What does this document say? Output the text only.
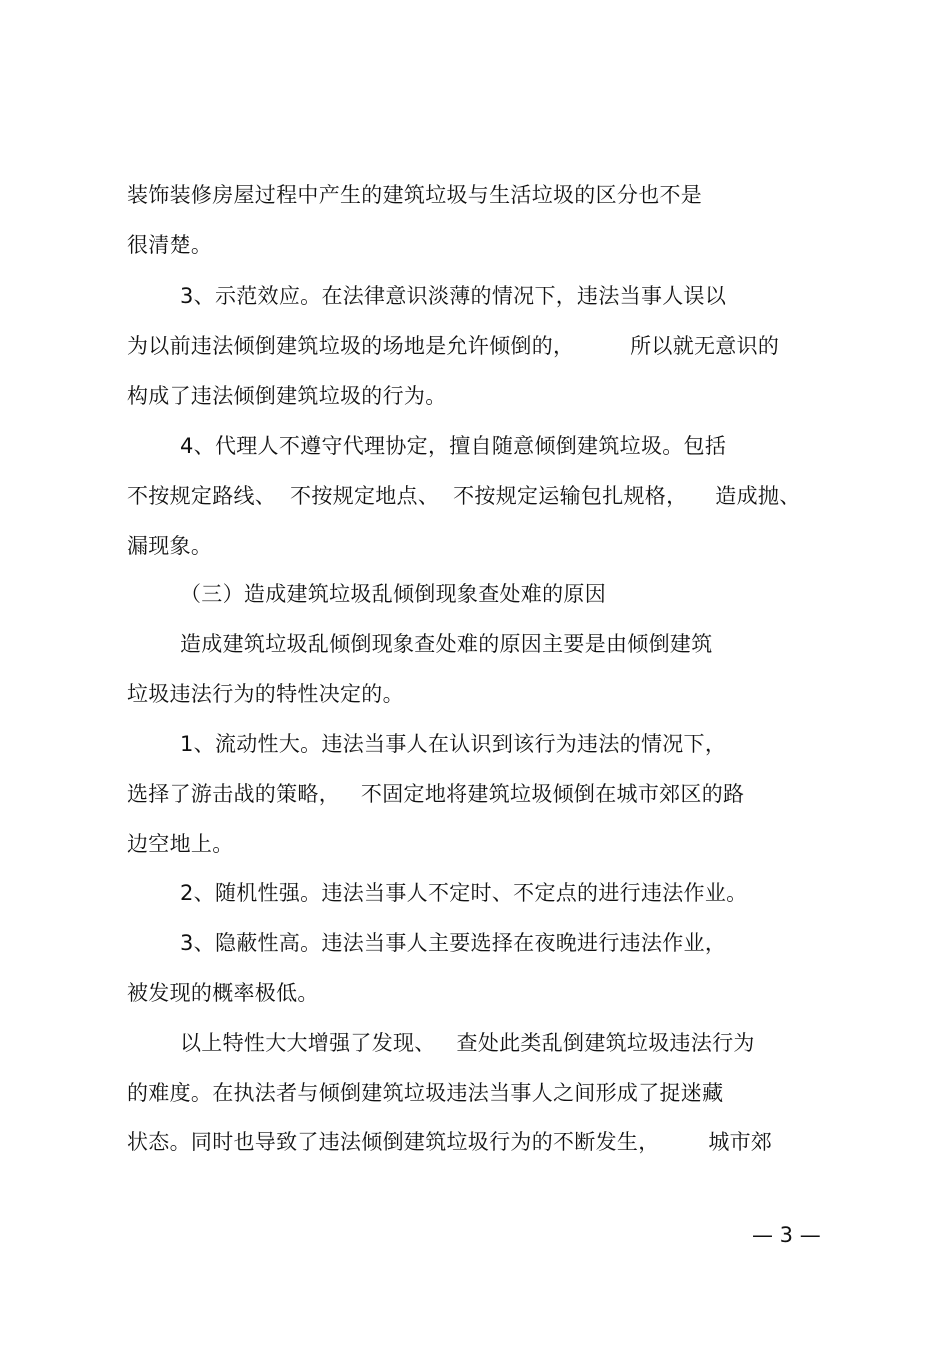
装饰装修房屋过程中产生的建筑垃圾与生活垃圾的区分也不是
很清楚。
3、示范效应。在法律意识淡薄的情况下，违法当事人误以
为以前违法倾倒建筑垃圾的场地是允许倾倒的，        所以就无意识的
构成了违法倾倒建筑垃圾的行为。
4、代理人不遵守代理协定，擅自随意倾倒建筑垃圾。包括
不按规定路线、  不按规定地点、  不按规定运输包扎规格，    造成抛、
漏现象。
（三）造成建筑垃圾乱倾倒现象查处难的原因
造成建筑垃圾乱倾倒现象查处难的原因主要是由倾倒建筑
垃圾违法行为的特性决定的。
1、流动性大。违法当事人在认识到该行为违法的情况下，
选择了游击战的策略，   不固定地将建筑垃圾倾倒在城市郊区的路
边空地上。
2、随机性强。违法当事人不定时、不定点的进行违法作业。
3、隐蔽性高。违法当事人主要选择在夜晚进行违法作业，
被发现的概率极低。
以上特性大大增强了发现、   查处此类乱倒建筑垃圾违法行为
的难度。在执法者与倾倒建筑垃圾违法当事人之间形成了捉迷藏
状态。同时也导致了违法倾倒建筑垃圾行为的不断发生，       城市郊
— 3 —
